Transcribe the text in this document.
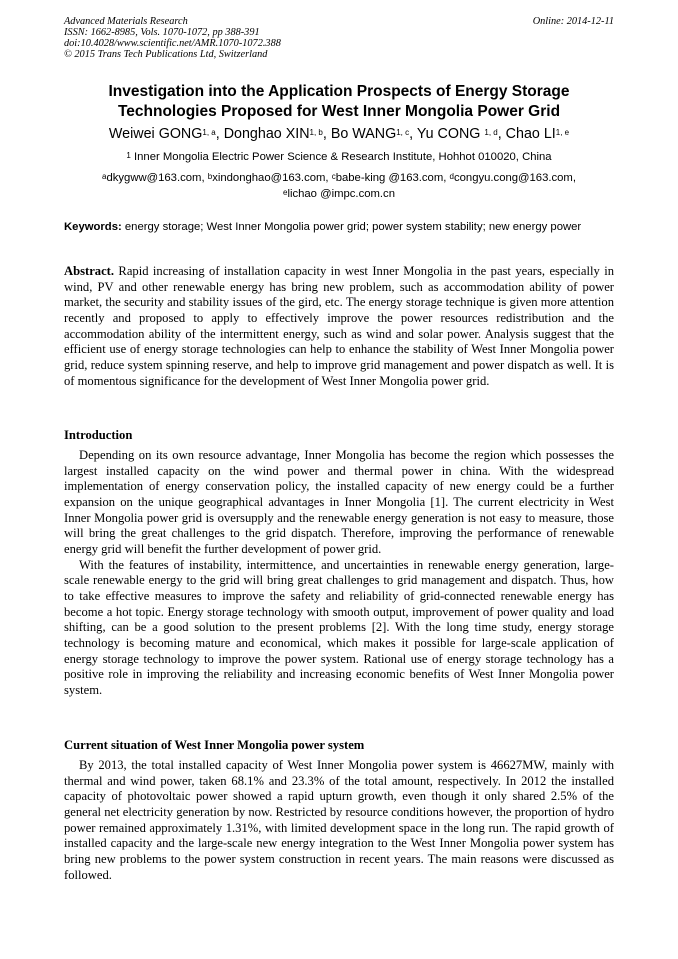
Advanced Materials Research
ISSN: 1662-8985, Vols. 1070-1072, pp 388-391
doi:10.4028/www.scientific.net/AMR.1070-1072.388
© 2015 Trans Tech Publications Ltd, Switzerland
Online: 2014-12-11
Investigation into the Application Prospects of Energy Storage
Technologies Proposed for West Inner Mongolia Power Grid
Weiwei GONG$^{1, a}$, Donghao XIN$^{1, b}$, Bo WANG$^{1, c}$, Yu CONG $^{1, d}$, Chao LI$^{1, e}$
$^1$ Inner Mongolia Electric Power Science & Research Institute, Hohhot 010020, China
$^a$dkygww@163.com, $^b$xindonghao@163.com, $^c$babe-king @163.com, $^d$congyu.cong@163.com,
$^e$lichao @impc.com.cn
Keywords: energy storage; West Inner Mongolia power grid; power system stability; new energy power

Abstract. Rapid increasing of installation capacity in west Inner Mongolia in the past years, especially in wind, PV and other renewable energy has bring new problem, such as accommodation ability of power market, the security and stability issues of the gird, etc. The energy storage technique is given more attention recently and proposed to apply to effectively improve the power resources redistribution and the accommodation ability of the intermittent energy, such as wind and solar power. Analysis suggest that the efficient use of energy storage technologies can help to enhance the stability of West Inner Mongolia power grid, reduce system spinning reserve, and help to improve grid management and power dispatch as well. It is of momentous significance for the development of West Inner Mongolia power grid.

Introduction

Depending on its own resource advantage, Inner Mongolia has become the region which possesses the largest installed capacity on the wind power and thermal power in china. With the widespread implementation of energy conservation policy, the installed capacity of new energy could be a further expansion on the unique geographical advantages in Inner Mongolia [1]. The current electricity in West Inner Mongolia power grid is oversupply and the renewable energy generation is not easy to measure, those will bring the great challenges to the grid dispatch. Therefore, improving the performance of renewable energy grid will benefit the further development of power grid.

With the features of instability, intermittence, and uncertainties in renewable energy generation, large-scale renewable energy to the grid will bring great challenges to grid management and dispatch. Thus, how to take effective measures to improve the safety and reliability of grid-connected renewable energy has become a hot topic. Energy storage technology with smooth output, improvement of power quality and load shifting, can be a good solution to the present problems [2]. With the long time study, energy storage technology is becoming mature and economical, which makes it possible for large-scale application of energy storage technology to improve the power system. Rational use of energy storage technology has a positive role in improving the reliability and increasing economic benefits of West Inner Mongolia power system.

Current situation of West Inner Mongolia power system

By 2013, the total installed capacity of West Inner Mongolia power system is 46627MW, mainly with thermal and wind power, taken 68.1% and 23.3% of the total amount, respectively. In 2012 the installed capacity of photovoltaic power showed a rapid upturn growth, even though it only shared 2.5% of the general net electricity generation by now. Restricted by resource conditions however, the proportion of hydro power remained approximately 1.31%, with limited development space in the long run. The rapid growth of installed capacity and the large-scale new energy integration to the West Inner Mongolia power system has bring new problems to the power system construction in recent years. The main reasons were discussed as followed.
